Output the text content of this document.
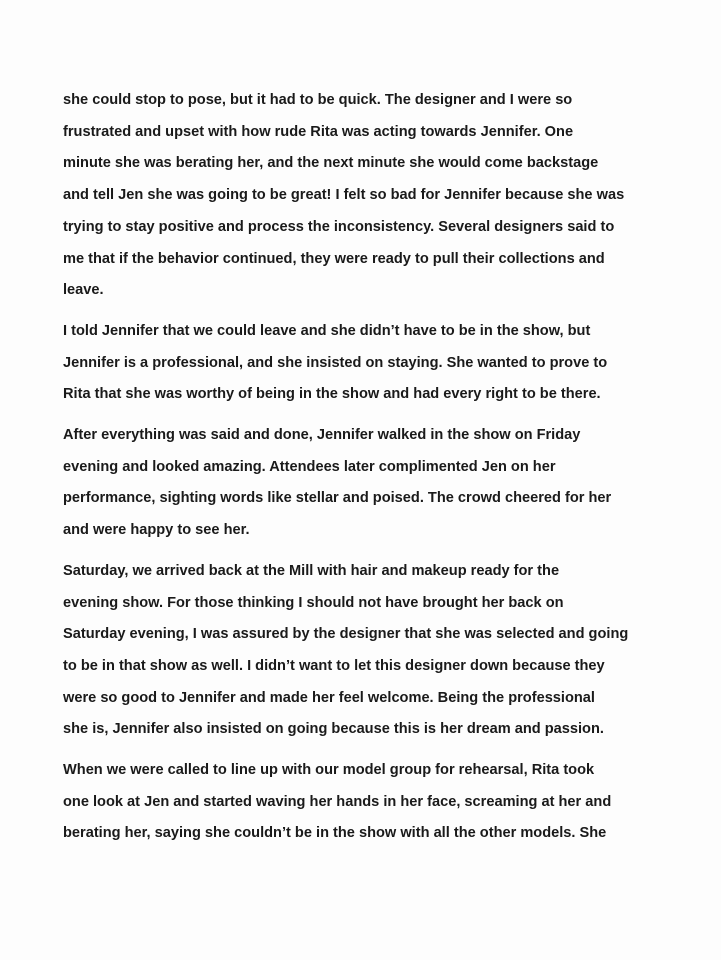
she could stop to pose, but it had to be quick. The designer and I were so
frustrated and upset with how rude Rita was acting towards Jennifer. One
minute she was berating her, and the next minute she would come backstage
and tell Jen she was going to be great! I felt so bad for Jennifer because she was
trying to stay positive and process the inconsistency. Several designers said to
me that if the behavior continued, they were ready to pull their collections and
leave.

I told Jennifer that we could leave and she didn’t have to be in the show, but
Jennifer is a professional, and she insisted on staying. She wanted to prove to
Rita that she was worthy of being in the show and had every right to be there.

After everything was said and done, Jennifer walked in the show on Friday
evening and looked amazing. Attendees later complimented Jen on her
performance, sighting words like stellar and poised. The crowd cheered for her
and were happy to see her.

Saturday, we arrived back at the Mill with hair and makeup ready for the
evening show. For those thinking I should not have brought her back on
Saturday evening, I was assured by the designer that she was selected and going
to be in that show as well. I didn’t want to let this designer down because they
were so good to Jennifer and made her feel welcome. Being the professional
she is, Jennifer also insisted on going because this is her dream and passion.

When we were called to line up with our model group for rehearsal, Rita took
one look at Jen and started waving her hands in her face, screaming at her and
berating her, saying she couldn’t be in the show with all the other models. She
